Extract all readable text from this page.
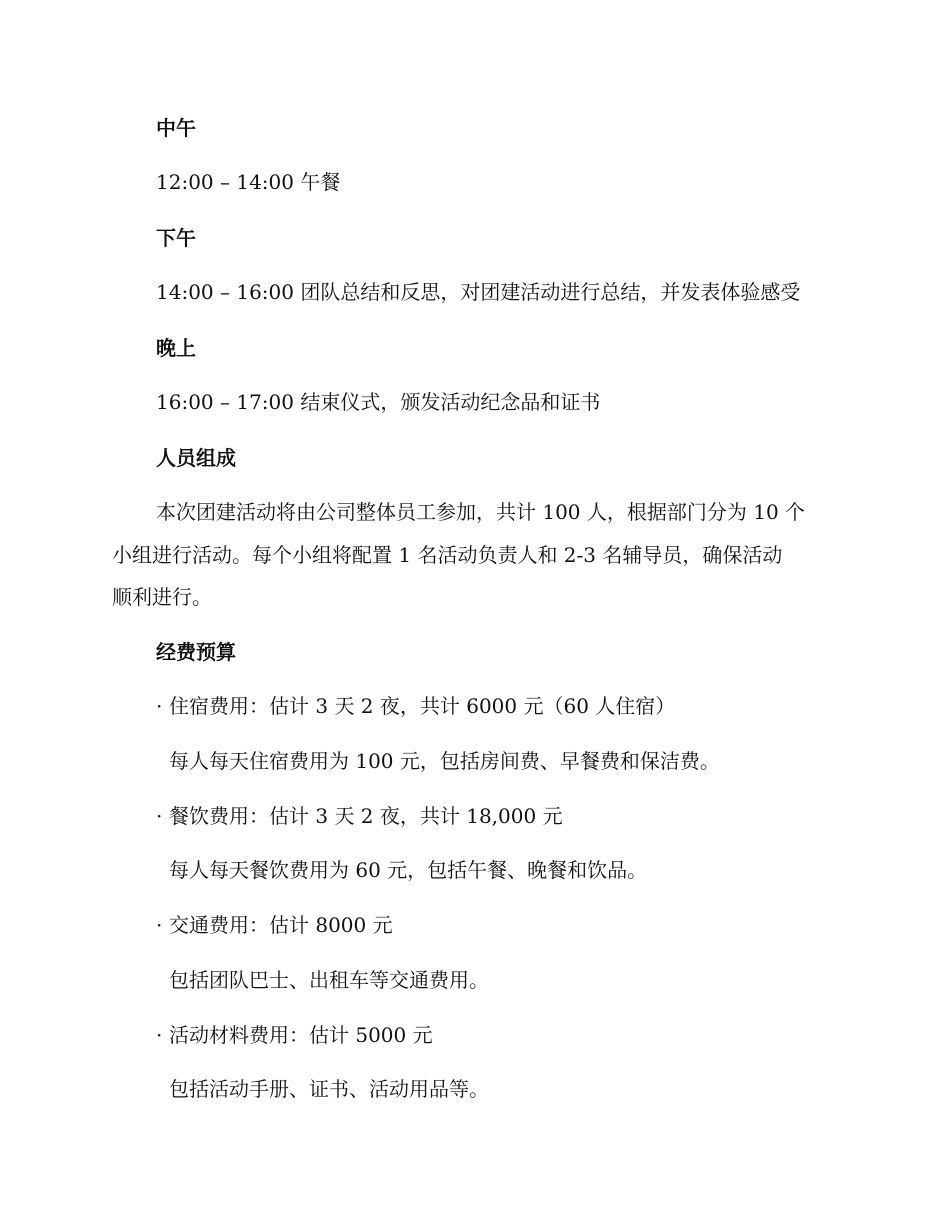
中午
12:00 – 14:00 午餐
下午
14:00 – 16:00 团队总结和反思，对团建活动进行总结，并发表体验感受
晚上
16:00 – 17:00 结束仪式，颁发活动纪念品和证书
人员组成
本次团建活动将由公司整体员工参加，共计 100 人，根据部门分为 10 个
小组进行活动。每个小组将配置 1 名活动负责人和 2-3 名辅导员，确保活动
顺利进行。
经费预算
· 住宿费用：估计 3 天 2 夜，共计 6000 元（60 人住宿）
每人每天住宿费用为 100 元，包括房间费、早餐费和保洁费。
· 餐饮费用：估计 3 天 2 夜，共计 18,000 元
每人每天餐饮费用为 60 元，包括午餐、晚餐和饮品。
· 交通费用：估计 8000 元
包括团队巴士、出租车等交通费用。
· 活动材料费用：估计 5000 元
包括活动手册、证书、活动用品等。
